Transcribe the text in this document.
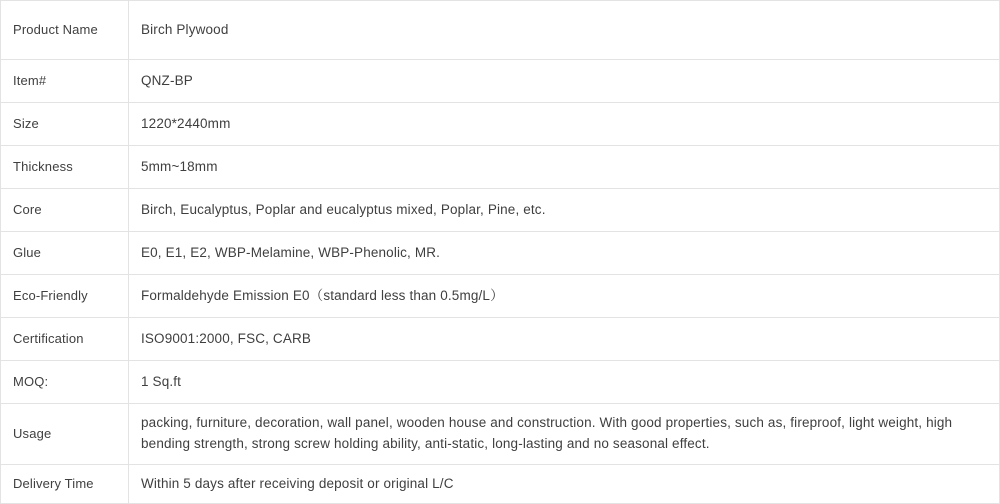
Product Name	Birch Plywood
Item#	QNZ-BP
Size	1220*2440mm
Thickness	5mm~18mm
Core	Birch, Eucalyptus, Poplar and eucalyptus mixed, Poplar, Pine, etc.
Glue	E0, E1, E2, WBP-Melamine, WBP-Phenolic, MR.
Eco-Friendly	Formaldehyde Emission E0（standard less than 0.5mg/L）
Certification	ISO9001:2000, FSC, CARB
MOQ:	1 Sq.ft
Usage	packing, furniture, decoration, wall panel, wooden house and construction. With good properties, such as, fireproof, light weight, high bending strength, strong screw holding ability, anti-static, long-lasting and no seasonal effect.

Delivery Time	Within 5 days after receiving deposit or original L/C
